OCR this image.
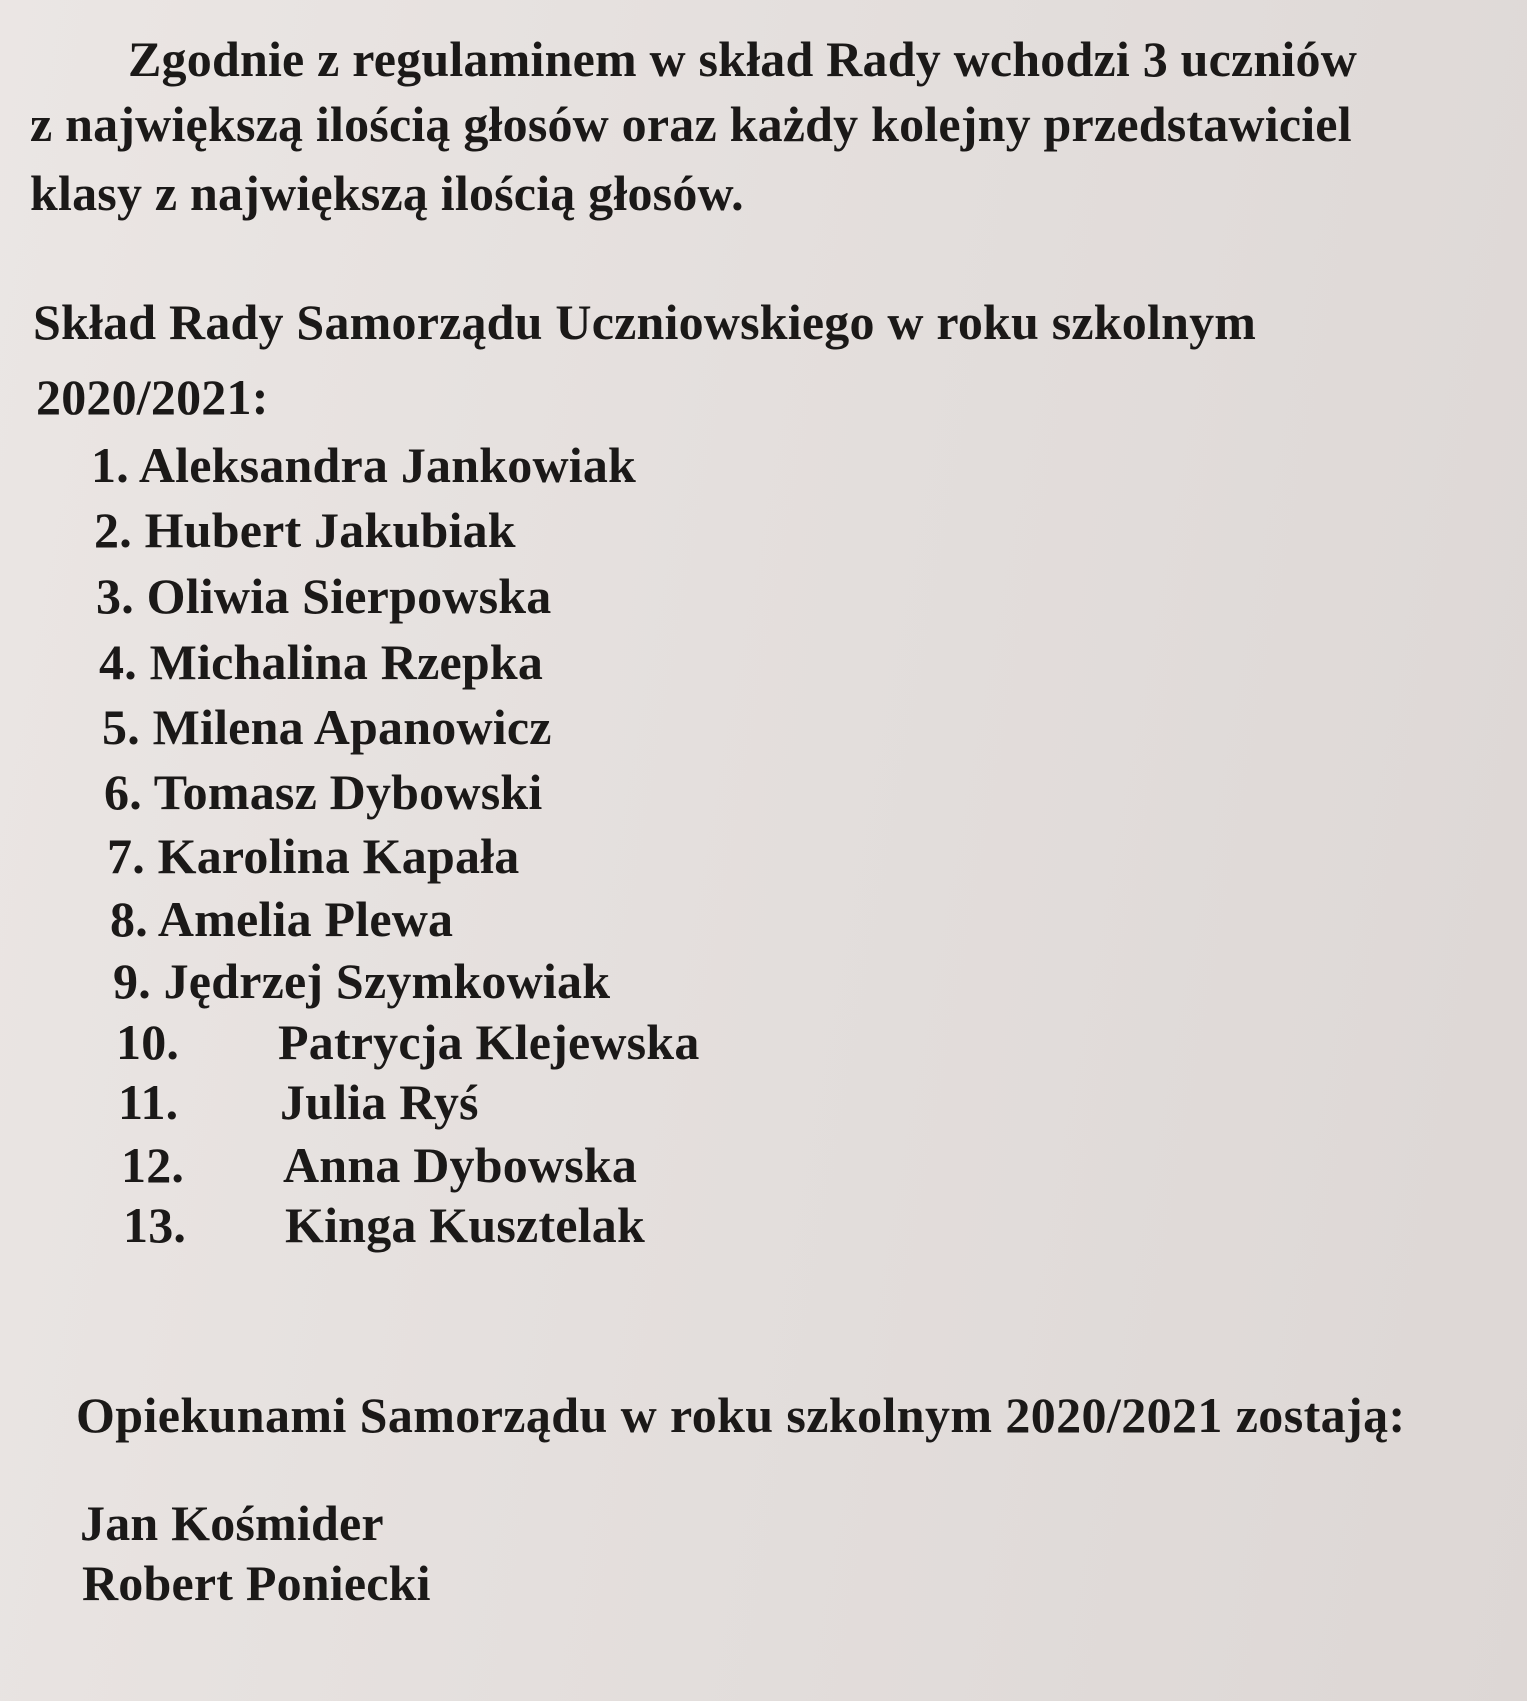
Zgodnie z regulaminem w skład Rady wchodzi 3 uczniów
z największą ilością głosów oraz każdy kolejny przedstawiciel
klasy z największą ilością głosów.
Skład Rady Samorządu Uczniowskiego w roku szkolnym
2020/2021:
1. Aleksandra Jankowiak
2. Hubert Jakubiak
3. Oliwia Sierpowska
4. Michalina Rzepka
5. Milena Apanowicz
6. Tomasz Dybowski
7. Karolina Kapała
8. Amelia Plewa
9. Jędrzej Szymkowiak
10. Patrycja Klejewska
11. Julia Ryś
12. Anna Dybowska
13. Kinga Kusztelak
Opiekunami Samorządu w roku szkolnym 2020/2021 zostają:
Jan Kośmider
Robert Poniecki
